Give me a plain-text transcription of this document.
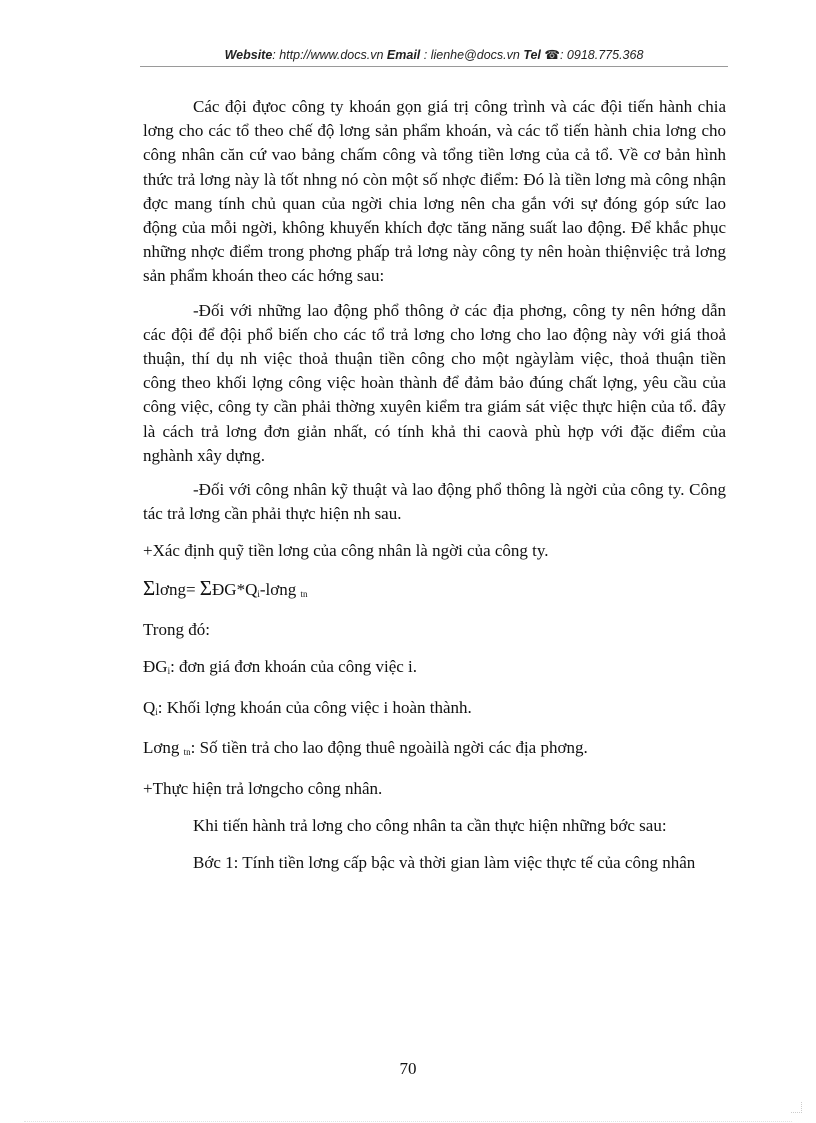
Website: http://www.docs.vn Email : lienhe@docs.vn Tel ☎: 0918.775.368

Các đội đựoc công ty khoán gọn giá trị công trình và các đội tiến hành chia lơng cho các tổ theo chế độ lơng sản phẩm khoán, và các tổ tiến hành chia lơng cho công nhân căn cứ vao bảng chấm công và tổng tiền lơng của cả tổ. Về cơ bản hình thức trả lơng này là tốt nhng nó còn một số nhợc điểm: Đó là tiền lơng mà công nhận đợc mang tính chủ quan của ngời chia lơng nên cha gắn với sự đóng góp sức lao động của mỗi ngời, không khuyến khích đợc tăng năng suất lao động. Để khắc phục những nhợc điểm trong phơng phấp trả lơng này công ty nên hoàn thiệnviệc trả lơng sản phẩm khoán theo các hớng sau:

-Đối với những lao động phổ thông ở các địa phơng, công ty nên hớng dẫn các đội để đội phổ biến cho các tổ trả lơng cho lơng cho lao động này với giá thoả thuận, thí dụ nh việc thoả thuận tiền công cho một ngàylàm việc, thoả thuận tiền công theo khối lợng công việc hoàn thành để đảm bảo đúng chất lợng, yêu cầu của công việc, công ty cần phải thờng xuyên kiểm tra giám sát việc thực hiện của tổ. đây là cách trả lơng đơn giản nhất, có tính khả thi caovà phù hợp với đặc điểm của nghành xây dựng.

-Đối với công nhân kỹ thuật và lao động phổ thông là ngời của công ty. Công tác trả lơng cần phải thực hiện nh sau.

+Xác định quỹ tiền lơng của công nhân là ngời của công ty.

Σlơng= $\Sigma ĐG*Q_i$-lơng $_{tn}$

Trong đó:

$ĐG_i$: đơn giá đơn khoán của công việc i.

$Q_i$: Khối lợng khoán của công việc i hoàn thành.

Lơng $_{tn}$: Số tiền trả cho lao động thuê ngoàilà ngời các địa phơng.

+Thực hiện trả lơngcho công nhân.

Khi tiến hành trả lơng cho công nhân ta cần thực hiện những bớc sau:

Bớc 1: Tính tiền lơng cấp bậc và thời gian làm việc thực tế của công nhân

70
